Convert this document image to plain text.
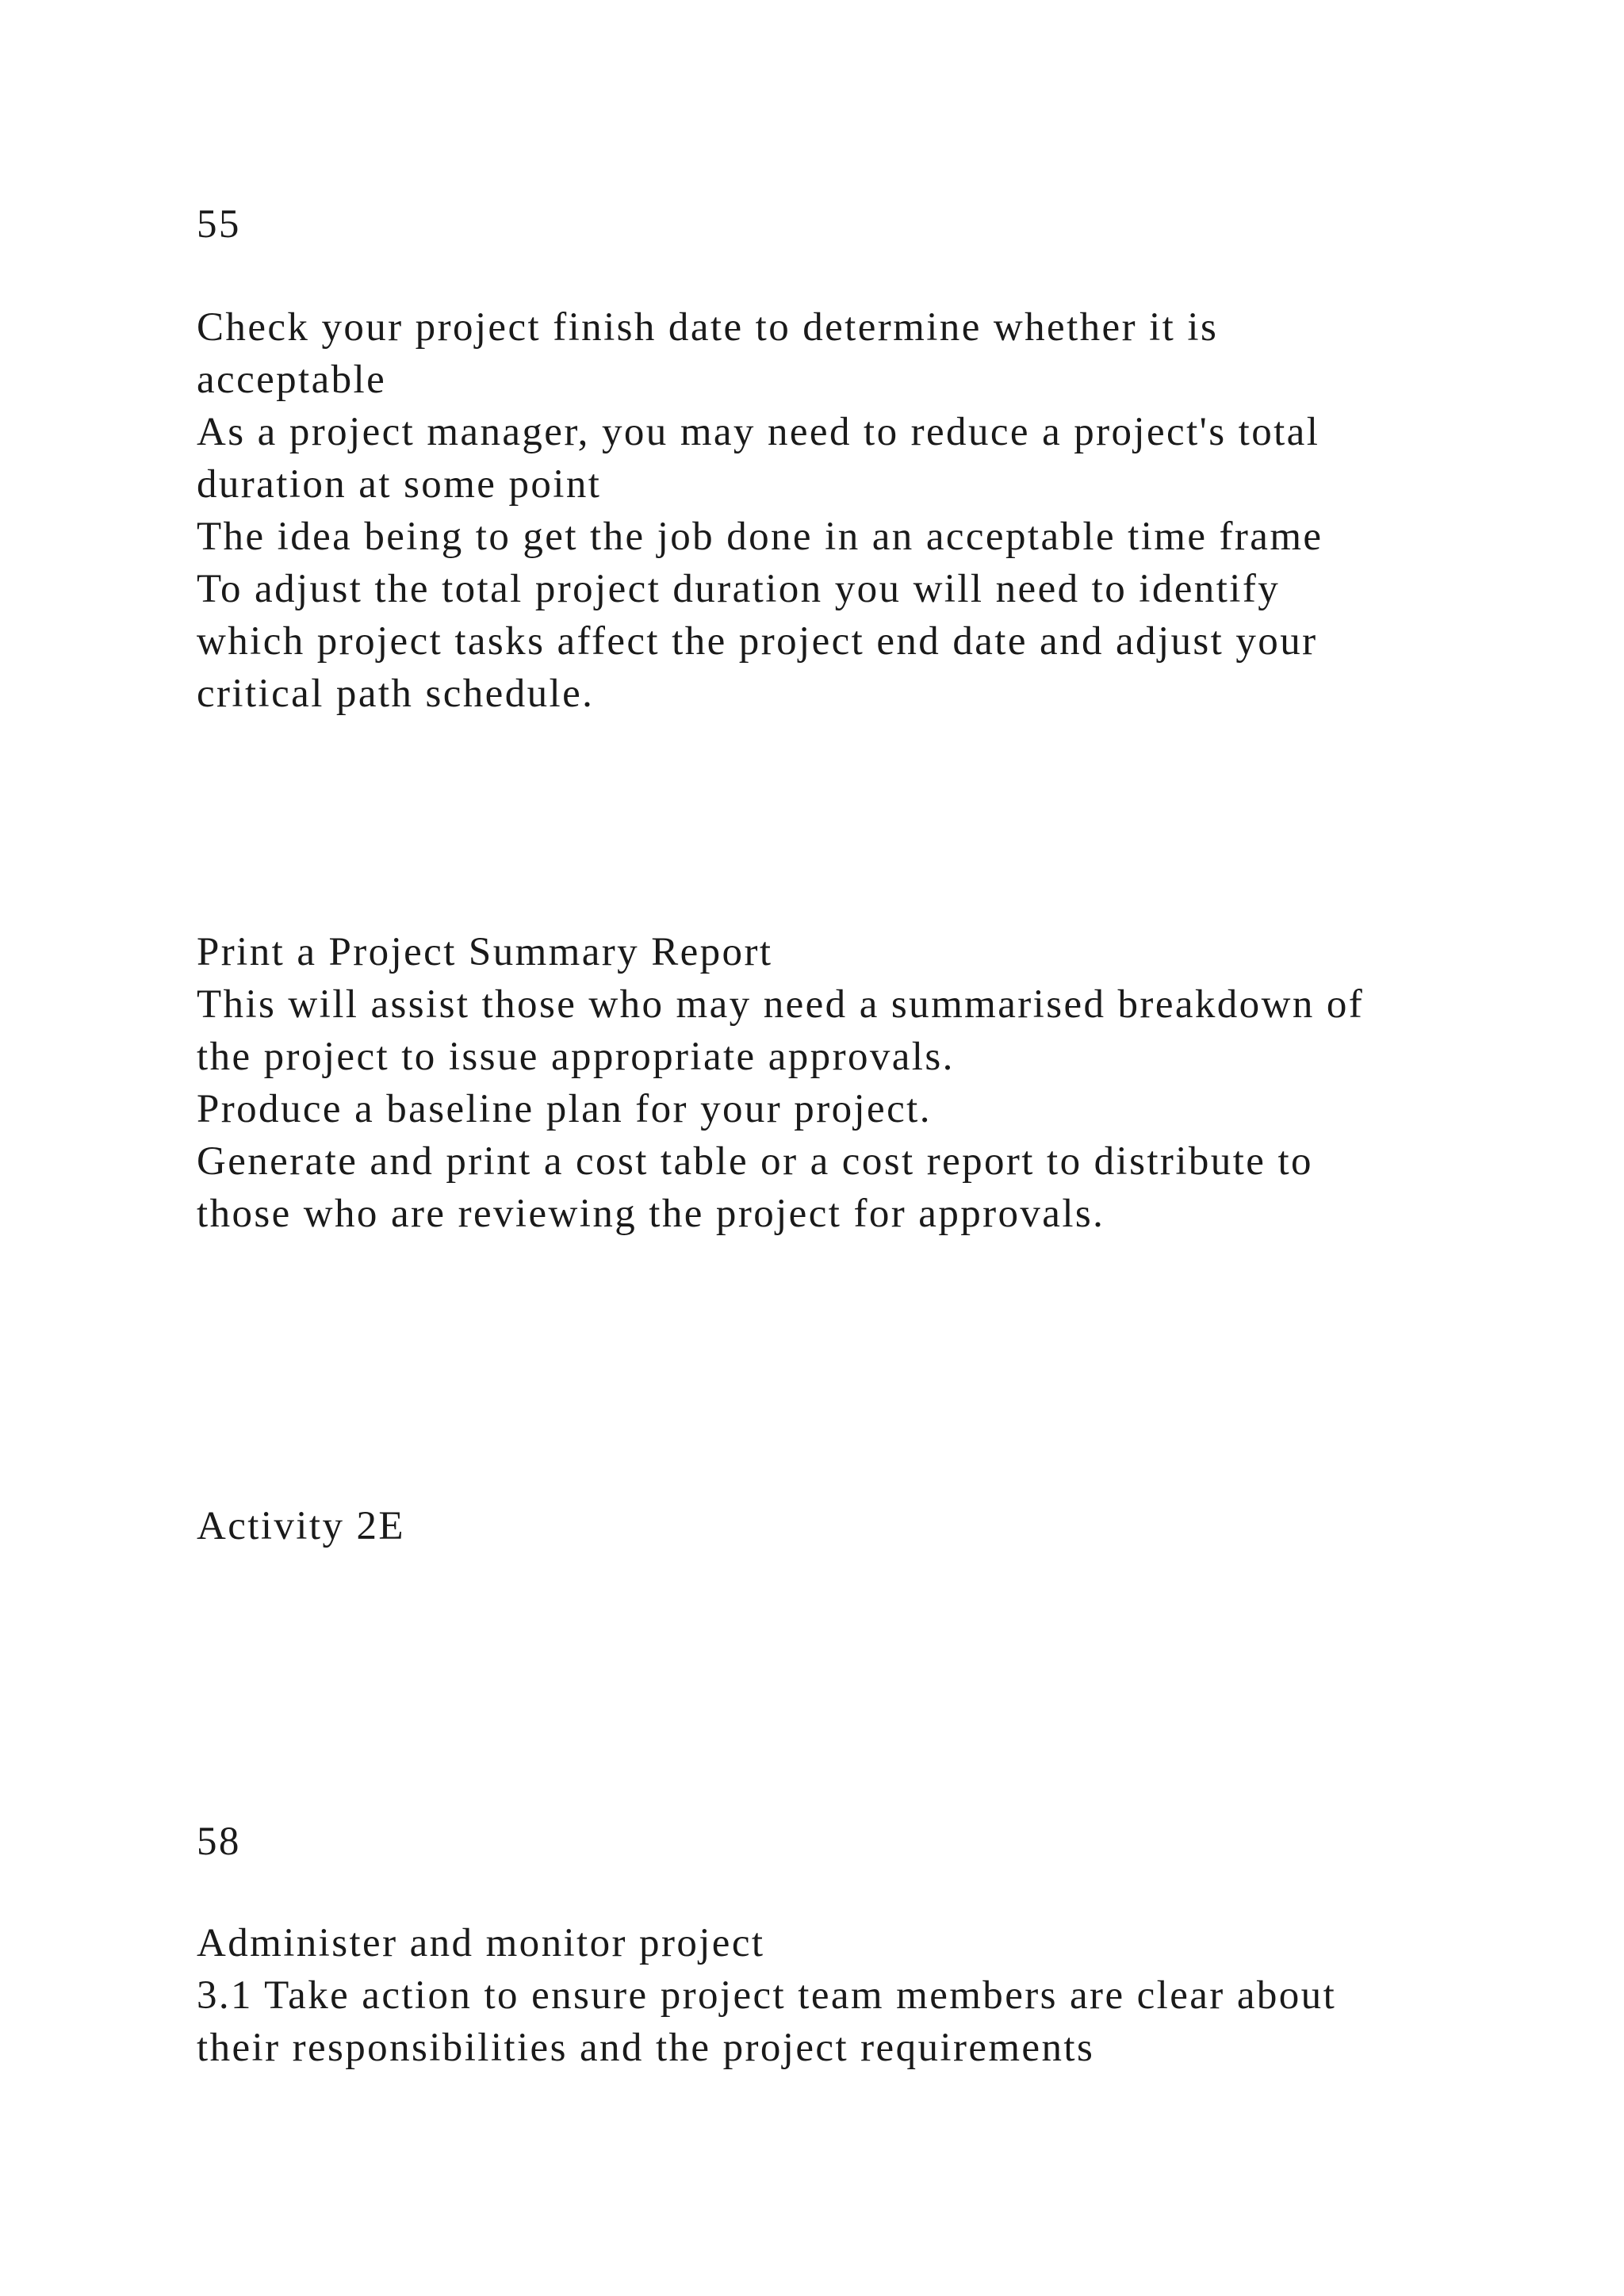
55

Check your project finish date to determine whether it is

acceptable

As a project manager, you may need to reduce a project's total

duration at some point

The idea being to get the job done in an acceptable time frame

To adjust the total project duration you will need to identify

which project tasks affect the project end date and adjust your

critical path schedule.

Print a Project Summary Report

This will assist those who may need a summarised breakdown of

the project to issue appropriate approvals.

Produce a baseline plan for your project.

Generate and print a cost table or a cost report to distribute to

those who are reviewing the project for approvals.

Activity 2E

58

Administer and monitor project

3.1 Take action to ensure project team members are clear about

their responsibilities and the project requirements
